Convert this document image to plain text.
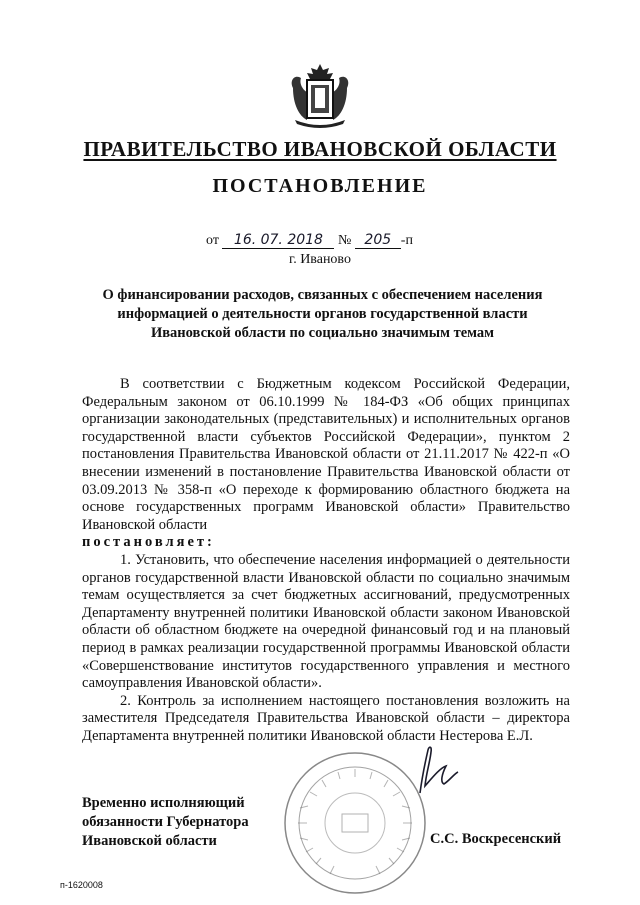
ПРАВИТЕЛЬСТВО ИВАНОВСКОЙ ОБЛАСТИ
ПОСТАНОВЛЕНИЕ
от 16. 07. 2018 № 205 -п
г. Иваново
О финансировании расходов, связанных с обеспечением населения информацией о деятельности органов государственной власти Ивановской области по социально значимым темам

В соответствии с Бюджетным кодексом Российской Федерации, Федеральным законом от 06.10.1999 № 184-ФЗ «Об общих принципах организации законодательных (представительных) и исполнительных органов государственной власти субъектов Российской Федерации», пунктом 2 постановления Правительства Ивановской области от 21.11.2017 № 422-п «О внесении изменений в постановление Правительства Ивановской области от 03.09.2013 № 358-п «О переходе к формированию областного бюджета на основе государственных программ Ивановской области» Правительство Ивановской области

постановляет:

1. Установить, что обеспечение населения информацией о деятельности органов государственной власти Ивановской области по социально значимым темам осуществляется за счет бюджетных ассигнований, предусмотренных Департаменту внутренней политики Ивановской области законом Ивановской области об областном бюджете на очередной финансовый год и на плановый период в рамках реализации государственной программы Ивановской области «Совершенствование институтов государственного управления и местного самоуправления Ивановской области».

2. Контроль за исполнением настоящего постановления возложить на заместителя Председателя Правительства Ивановской области – директора Департамента внутренней политики Ивановской области Нестерова Е.Л.

Временно исполняющий обязанности Губернатора Ивановской области	С.С. Воскресенский
п-1620008
